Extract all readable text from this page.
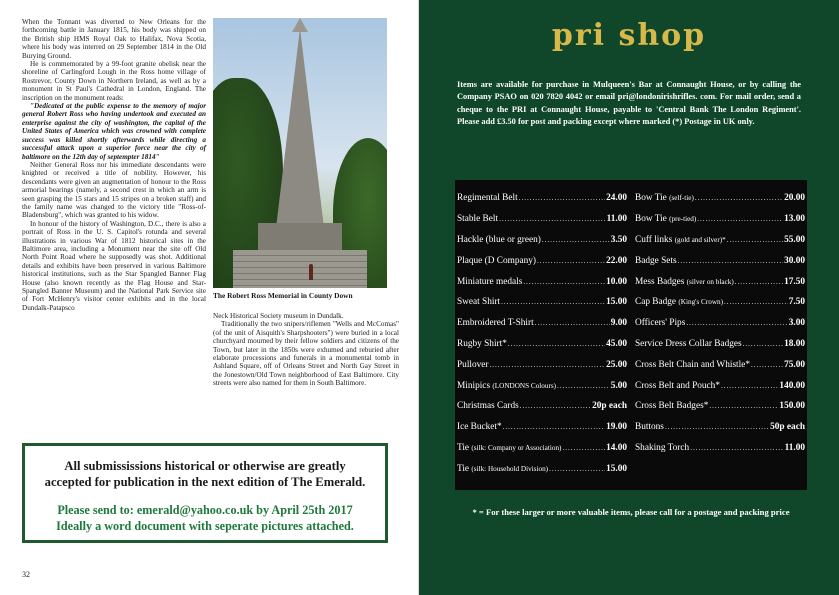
When the Tonnant was diverted to New Orleans for the forthcoming battle in January 1815, his body was shipped on the British ship HMS Royal Oak to Halifax, Nova Scotia, where his body was interred on 29 September 1814 in the Old Burying Ground.

He is commemorated by a 99-foot granite obelisk near the shoreline of Carlingford Lough in the Ross home village of Rostrevor, County Down in Northern Ireland, as well as by a monument in St Paul's Cathedral in London, England. The inscription on the monument reads:

"Dedicated at the public expense to the memory of major general Robert Ross who having undertook and executed an enterprise against the city of washington, the capital of the United States of America which was crowned with complete success was killed shortly afterwards while directing a successful attack upon a superior force near the city of baltimore on the 12th day of septempter 1814"

Neither General Ross nor his immediate descendants were knighted or received a title of nobility. However, his descendants were given an augmentation of honour to the Ross armorial bearings (namely, a second crest in which an arm is seen grasping the 15 stars and 15 stripes on a broken staff) and the family name was changed to the victory title "Ross-of-Bladensburg", which was granted to his widow.

In honour of the history of Washington, D.C., there is also a portrait of Ross in the U. S. Capitol's rotunda and several illustrations in various War of 1812 historical sites in the Baltimore area, including a Monument near the site off Old North Point Road where he supposedly was shot. Additional details and exhibits have been preserved in various Baltimore historical institutions, such as the Star Spangled Banner Flag House (also known recently as the Flag House and Star-Spangled Banner Museum) and the National Park Service site of Fort McHenry's visitor center exhibits and in the local Dundalk-Patapsco

The Robert Ross Memorial in County Down

Neck Historical Society museum in Dundalk.

Traditionally the two snipers/riflemen "Wells and McComas" (of the unit of Aisquith's Sharpshooters") were buried in a local churchyard mourned by their fellow soldiers and citizens of the Town, but later in the 1850s were exhumed and reburied after elaborate processions and funerals in a monumental tomb in Ashland Square, off of Orleans Street and North Gay Street in the Jonestown/Old Town neighborhood of East Baltimore. City streets were also named for them in South Baltimore.

All submississions historical or otherwise are greatly
accepted for publication in the next edition of The Emerald.
Please send to: emerald@yahoo.co.uk by April 25th 2017
Ideally a word document with seperate pictures attached.
32
pri shop
Items are available for purchase in Mulqueen's Bar at Connaught House, or by calling the Company PSAO on 020 7820 4042 or email pri@londonirishrifles. com. For mail order, send a cheque to the PRI at Connaught House, payable to 'Central Bank The London Regiment'. Please add £3.50 for post and packing except where marked (*) Postage in UK only.
Regimental Belt .....	24.00
Stable Belt .....	11.00
Hackle (blue or green) .....	3.50
Plaque (D Company) .....	22.00
Miniature medals .....	10.00
Sweat Shirt .....	15.00
Embroidered T-Shirt .....	9.00
Rugby Shirt* .....	45.00
Pullover .....	25.00
Minipics (LONDONS Colours) .....	5.00
Christmas Cards .....	20p each
Ice Bucket* .....	19.00
Tie (silk: Company or Association) .....	14.00
Tie (silk: Household Division) .....	15.00
Bow Tie (self-tie) .....	20.00
Bow Tie (pre-tied) .....	13.00
Cuff links (gold and silver)* .....	55.00
Badge Sets .....	30.00
Mess Badges (silver on black) .....	17.50
Cap Badge (King's Crown) .....	7.50
Officers' Pips .....	3.00
Service Dress Collar Badges .....	18.00
Cross Belt Chain and Whistle* .....	75.00
Cross Belt and Pouch* .....	140.00
Cross Belt Badges* .....	150.00
Buttons .....	50p each
Shaking Torch .....	11.00
* = For these larger or more valuable items, please call for a postage and packing price
